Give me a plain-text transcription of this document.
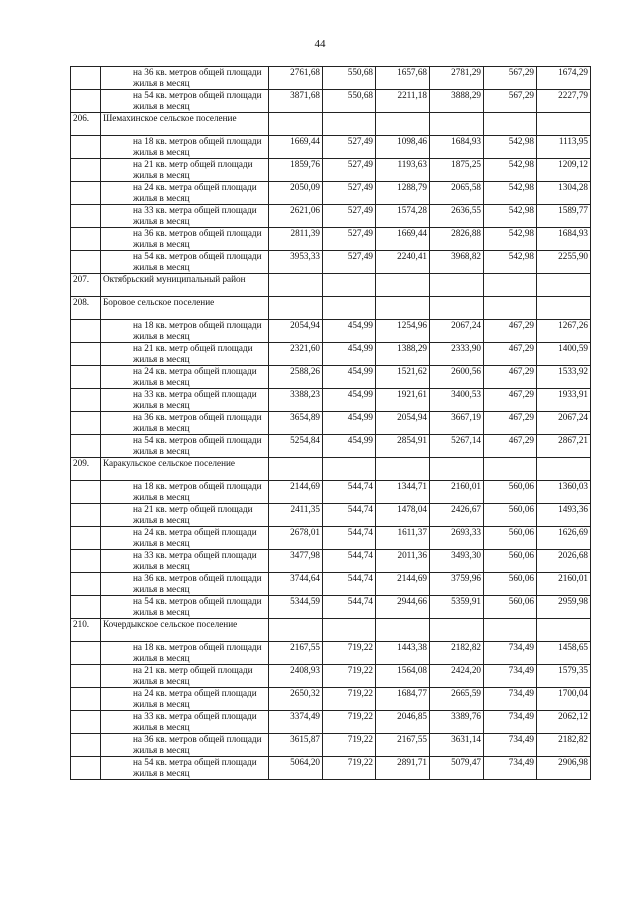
44
	на 36 кв. метров общей площади жилья в месяц	2761,68	550,68	1657,68	2781,29	567,29	1674,29
	на 54 кв. метров общей площади жилья в месяц	3871,68	550,68	2211,18	3888,29	567,29	2227,79
206.	Шемахинское сельское поселение						
	на 18 кв. метров общей площади жилья в месяц	1669,44	527,49	1098,46	1684,93	542,98	1113,95
	на 21 кв. метр общей площади жилья в месяц	1859,76	527,49	1193,63	1875,25	542,98	1209,12
	на 24 кв. метра общей площади жилья в месяц	2050,09	527,49	1288,79	2065,58	542,98	1304,28
	на 33 кв. метра общей площади жилья в месяц	2621,06	527,49	1574,28	2636,55	542,98	1589,77
	на 36 кв. метров общей площади жилья в месяц	2811,39	527,49	1669,44	2826,88	542,98	1684,93
	на 54 кв. метров общей площади жилья в месяц	3953,33	527,49	2240,41	3968,82	542,98	2255,90
207.	Октябрьский муниципальный район						
208.	Боровое сельское поселение						
	на 18 кв. метров общей площади жилья в месяц	2054,94	454,99	1254,96	2067,24	467,29	1267,26
	на 21 кв. метр общей площади жилья в месяц	2321,60	454,99	1388,29	2333,90	467,29	1400,59
	на 24 кв. метра общей площади жилья в месяц	2588,26	454,99	1521,62	2600,56	467,29	1533,92
	на 33 кв. метра общей площади жилья в месяц	3388,23	454,99	1921,61	3400,53	467,29	1933,91
	на 36 кв. метров общей площади жилья в месяц	3654,89	454,99	2054,94	3667,19	467,29	2067,24
	на 54 кв. метров общей площади жилья в месяц	5254,84	454,99	2854,91	5267,14	467,29	2867,21
209.	Каракульское сельское поселение						
	на 18 кв. метров общей площади жилья в месяц	2144,69	544,74	1344,71	2160,01	560,06	1360,03
	на 21 кв. метр общей площади жилья в месяц	2411,35	544,74	1478,04	2426,67	560,06	1493,36
	на 24 кв. метра общей площади жилья в месяц	2678,01	544,74	1611,37	2693,33	560,06	1626,69
	на 33 кв. метра общей площади жилья в месяц	3477,98	544,74	2011,36	3493,30	560,06	2026,68
	на 36 кв. метров общей площади жилья в месяц	3744,64	544,74	2144,69	3759,96	560,06	2160,01
	на 54 кв. метров общей площади жилья в месяц	5344,59	544,74	2944,66	5359,91	560,06	2959,98
210.	Кочердыкское сельское поселение						
	на 18 кв. метров общей площади жилья в месяц	2167,55	719,22	1443,38	2182,82	734,49	1458,65
	на 21 кв. метр общей площади жилья в месяц	2408,93	719,22	1564,08	2424,20	734,49	1579,35
	на 24 кв. метра общей площади жилья в месяц	2650,32	719,22	1684,77	2665,59	734,49	1700,04
	на 33 кв. метра общей площади жилья в месяц	3374,49	719,22	2046,85	3389,76	734,49	2062,12
	на 36 кв. метров общей площади жилья в месяц	3615,87	719,22	2167,55	3631,14	734,49	2182,82
	на 54 кв. метра общей площади жилья в месяц	5064,20	719,22	2891,71	5079,47	734,49	2906,98
